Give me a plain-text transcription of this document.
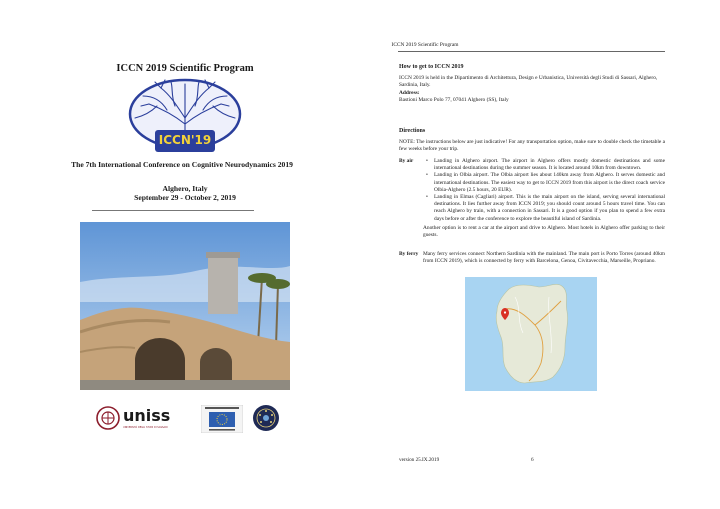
ICCN 2019 Scientific Program
ICCN'19
The 7th International Conference on Cognitive Neurodynamics 2019
Alghero, Italy
September 29 - October 2, 2019
uniss
UNIVERSITÀ DEGLI STUDI DI SASSARI
ICCN 2019 Scientific Program
How to get to ICCN 2019
ICCN 2019 is held in the Dipartimento di Architettura, Design e Urbanistica, Università degli Studi di Sassari, Alghero, Sardinia, Italy.
Address:
Bastioni Marco Polo 77, 07041 Alghero (SS), Italy
Directions
NOTE: The instructions below are just indicative! For any transportation option, make sure to double check the timetable a few weeks before your trip.
By air
•	Landing in Alghero airport. The airport in Alghero offers mostly domestic destinations and some international destinations during the summer season. It is located around 10km from downtown.
• Landing in Olbia airport. The Olbia airport lies about 140km away from Alghero. It serves domestic and international destinations. The easiest way to get to ICCN 2019 from this airport is the direct coach service Olbia-Alghero (2.5 hours, 20 EUR).
• Landing in Elmas (Cagliari) airport. This is the main airport on the island, serving several international destinations. It lies further away from ICCN 2019; you should count around 5 hours travel time. You can reach Alghero by train, with a connection in Sassari. It is a good option if you plan to spend a few extra days before or after the conference to explore the beautiful island of Sardinia.
Another option is to rent a car at the airport and drive to Alghero. Most hotels in Alghero offer parking to their guests.
By ferry Many ferry services connect Northern Sardinia with the mainland. The main port is Porto Torres (around 40km from ICCN 2019), which is connected by ferry with Barcelona, Genoa, Civitavecchia, Marseille, Propriano.
version 25.IX.2019	6
